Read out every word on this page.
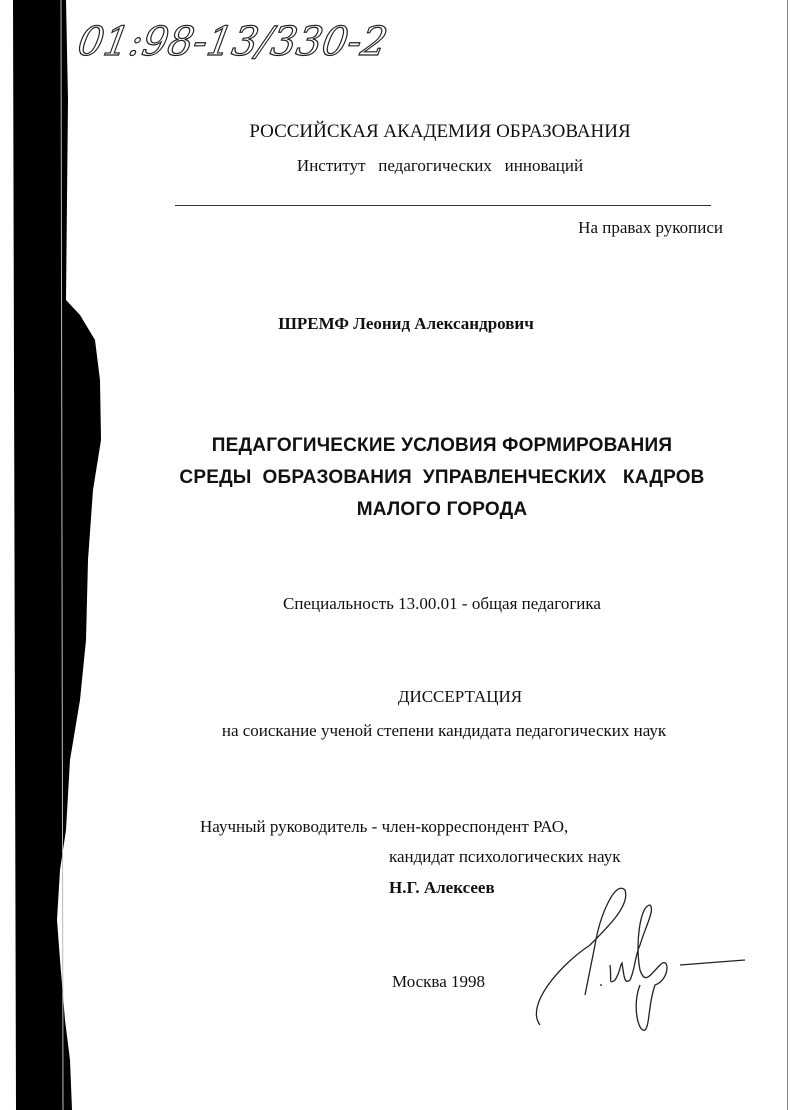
01:98-13/330-2
РОССИЙСКАЯ АКАДЕМИЯ ОБРАЗОВАНИЯ
Институт   педагогических   инноваций
На правах рукописи
ШРЕМФ Леонид Александрович
ПЕДАГОГИЧЕСКИЕ УСЛОВИЯ ФОРМИРОВАНИЯ
СРЕДЫ  ОБРАЗОВАНИЯ  УПРАВЛЕНЧЕСКИХ   КАДРОВ
МАЛОГО ГОРОДА
Специальность 13.00.01 - общая педагогика
ДИССЕРТАЦИЯ
на соискание ученой степени кандидата педагогических наук
Научный руководитель - член-корреспондент РАО,
кандидат психологических наук
Н.Г. Алексеев
Москва 1998
